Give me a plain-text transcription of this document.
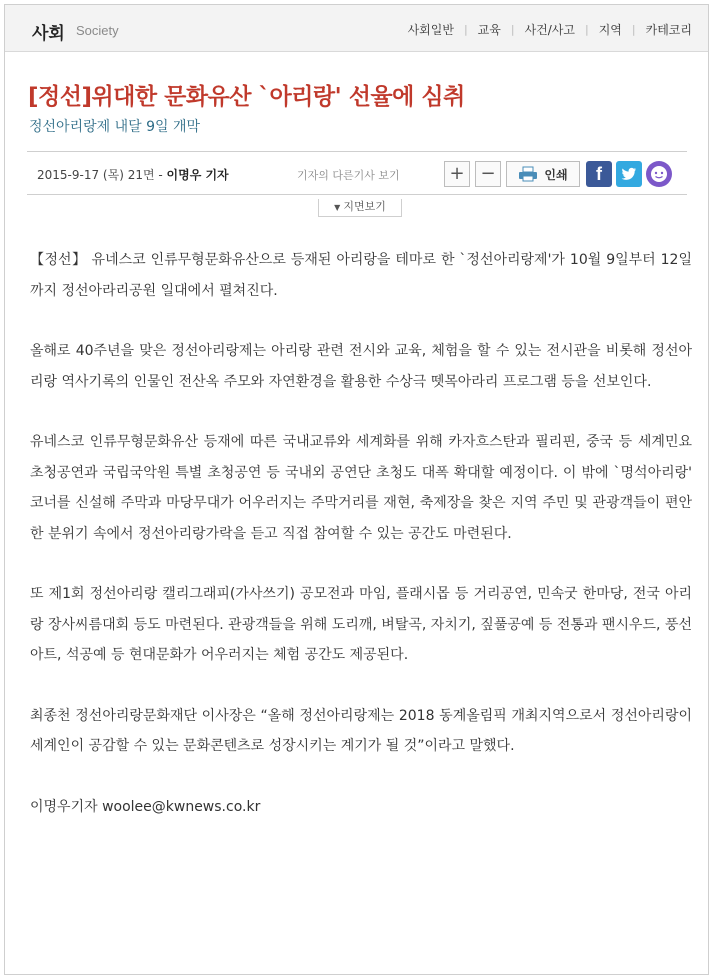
사회 Society	사회일반 | 교육 | 사건/사고 | 지역 | 카테코리
[정선]위대한 문화유산 `아리랑' 선율에 심취
정선아리랑제 내달 9일 개막
2015-9-17 (목) 21면 - 이명우 기자	기자의 다른기사 보기	+ −	인쇄	f
▼ 지면보기

【정선】 유네스코 인류무형문화유산으로 등재된 아리랑을 테마로 한 `정선아리랑제'가 10월 9일부터 12일까지 정선아라리공원 일대에서 펼쳐진다.

올해로 40주년을 맞은 정선아리랑제는 아리랑 관련 전시와 교육, 체험을 할 수 있는 전시관을 비롯해 정선아리랑 역사기록의 인물인 전산옥 주모와 자연환경을 활용한 수상극 뗏목아라리 프로그램 등을 선보인다.

유네스코 인류무형문화유산 등재에 따른 국내교류와 세계화를 위해 카자흐스탄과 필리핀, 중국 등 세계민요 초청공연과 국립국악원 특별 초청공연 등 국내외 공연단 초청도 대폭 확대할 예정이다. 이 밖에 `명석아리랑' 코너를 신설해 주막과 마당무대가 어우러지는 주막거리를 재현, 축제장을 찾은 지역 주민 및 관광객들이 편안한 분위기 속에서 정선아리랑가락을 듣고 직접 참여할 수 있는 공간도 마련된다.

또 제1회 정선아리랑 캘리그래피(가사쓰기) 공모전과 마임, 플래시몹 등 거리공연, 민속굿 한마당, 전국 아리랑 장사씨름대회 등도 마련된다. 관광객들을 위해 도리깨, 벼탈곡, 자치기, 짚풀공예 등 전통과 팬시우드, 풍선아트, 석공예 등 현대문화가 어우러지는 체험 공간도 제공된다.

최종천 정선아리랑문화재단 이사장은 “올해 정선아리랑제는 2018 동계올림픽 개최지역으로서 정선아리랑이 세계인이 공감할 수 있는 문화콘텐츠로 성장시키는 계기가 될 것”이라고 말했다.

이명우기자 woolee@kwnews.co.kr
